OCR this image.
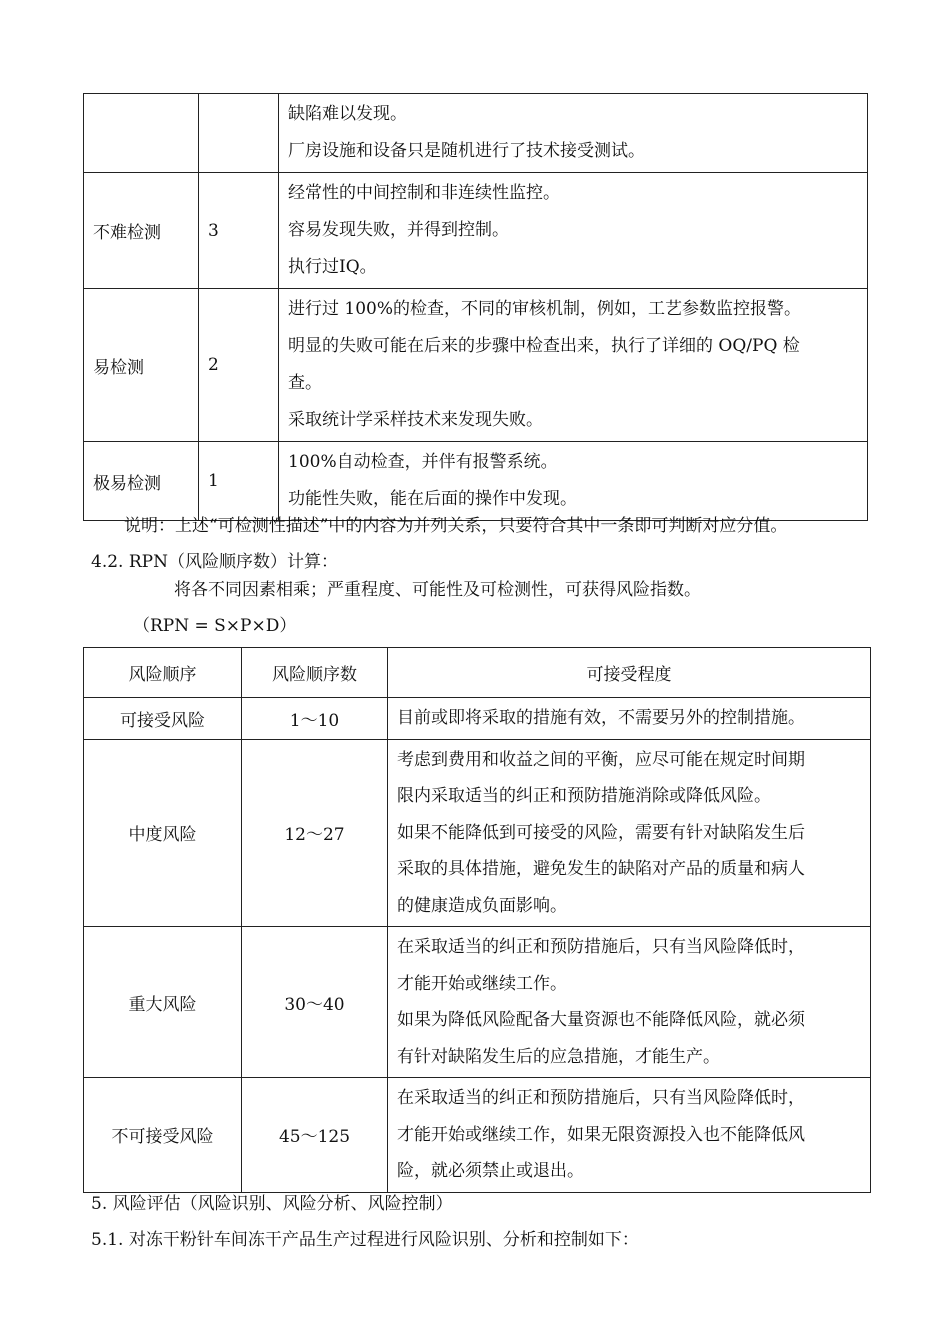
		缺陷难以发现。
厂房设施和设备只是随机进行了技术接受测试。

不难检测	3	经常性的中间控制和非连续性监控。
容易发现失败，并得到控制。
执行过IQ。

易检测	2	进行过 100%的检查，不同的审核机制，例如，工艺参数监控报警。
明显的失败可能在后来的步骤中检查出来，执行了详细的 OQ/PQ 检
查。
采取统计学采样技术来发现失败。

极易检测	1	100%自动检查，并伴有报警系统。
功能性失败，能在后面的操作中发现。
说明：上述“可检测性描述”中的内容为并列关系，只要符合其中一条即可判断对应分值。
4.2. RPN（风险顺序数）计算：
将各不同因素相乘；严重程度、可能性及可检测性，可获得风险指数。
（RPN = S×P×D）
风险顺序	风险顺序数	可接受程度
可接受风险	1～10	目前或即将采取的措施有效，不需要另外的控制措施。

中度风险	12～27	考虑到费用和收益之间的平衡，应尽可能在规定时间期
限内采取适当的纠正和预防措施消除或降低风险。
如果不能降低到可接受的风险，需要有针对缺陷发生后
采取的具体措施，避免发生的缺陷对产品的质量和病人
的健康造成负面影响。

重大风险	30～40	在采取适当的纠正和预防措施后，只有当风险降低时，
才能开始或继续工作。
如果为降低风险配备大量资源也不能降低风险，就必须
有针对缺陷发生后的应急措施，才能生产。

不可接受风险	45～125	在采取适当的纠正和预防措施后，只有当风险降低时，
才能开始或继续工作，如果无限资源投入也不能降低风
险，就必须禁止或退出。
5. 风险评估（风险识别、风险分析、风险控制）
5.1. 对冻干粉针车间冻干产品生产过程进行风险识别、分析和控制如下：
